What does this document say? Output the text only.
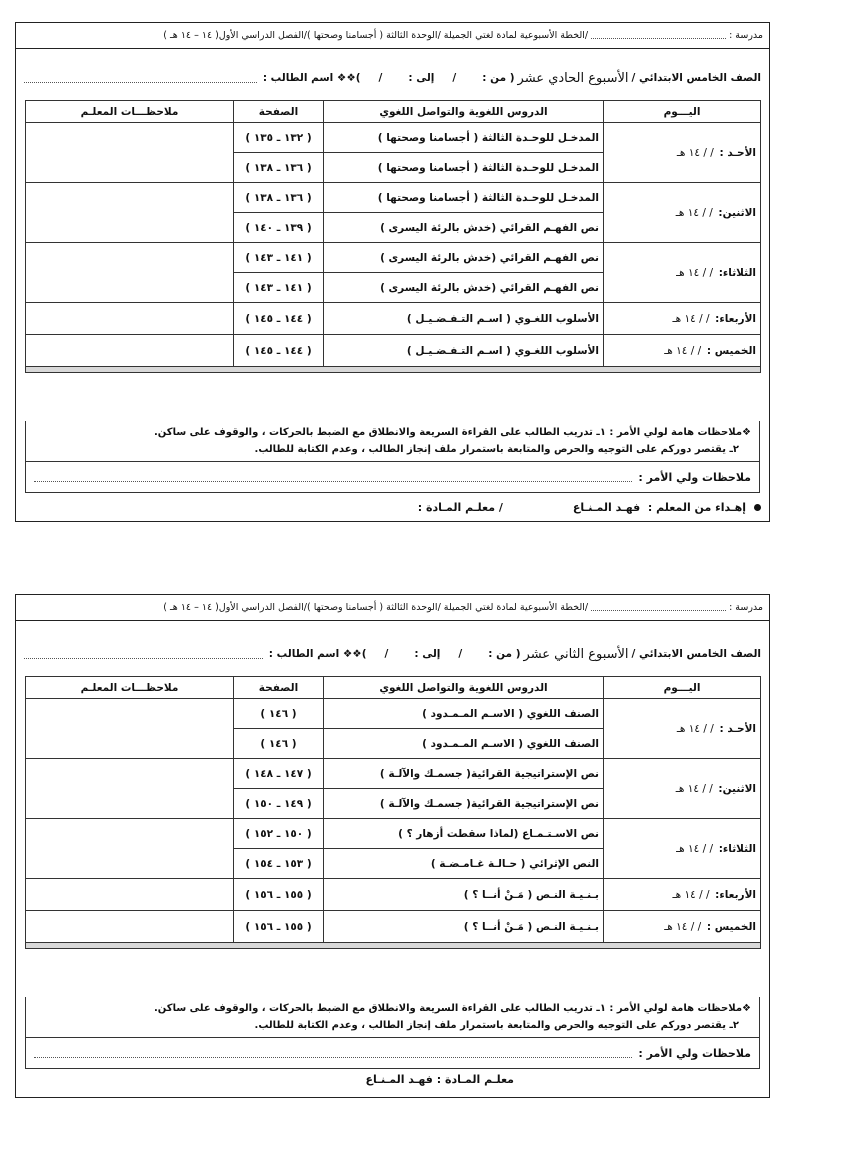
مدرسة :
/الخطة الأسبوعية لمادة لغتي الجميلة /الوحدة الثالثة ( أجسامنا وصحتها )/الفصل الدراسي الأول( ١٤ – ١٤ هـ )
الصف الخامس الابتدائي /
الأسبوع الحادي عشر
( من :
/
إلى :
/
)
❖❖ اسم الطالب :
اليـــوم	الدروس اللغوية والتواصل اللغوي	الصفحة	ملاحظـــات المعلـم
الأحـد : / / ١٤ هـ	المدخـل للوحـدة الثالثة ( أجسامنا وصحتها )	( ١٣٢ ـ ١٣٥ )	
	المدخـل للوحـدة الثالثة ( أجسامنا وصحتها )	( ١٣٦ ـ ١٣٨ )	
الاثنين: / / ١٤ هـ	المدخـل للوحـدة الثالثة ( أجسامنا وصحتها )	( ١٣٦ ـ ١٣٨ )	
	نص الفهـم القرائي (خدش بالرئة اليسرى )	( ١٣٩ ـ ١٤٠ )	
الثلاثاء: / / ١٤ هـ	نص الفهـم القرائي (خدش بالرئة اليسرى )	( ١٤١ ـ ١٤٣ )	
	نص الفهـم القرائي (خدش بالرئة اليسرى )	( ١٤١ ـ ١٤٣ )	
الأربعاء: / / ١٤ هـ	الأسلوب اللغـوي ( اسـم التـفـضـيـل )	( ١٤٤ ـ ١٤٥ )	
الخميس : / / ١٤ هـ	الأسلوب اللغـوي ( اسـم التـفـضـيـل )	( ١٤٤ ـ ١٤٥ )	

❖ملاحظات هامة لولي الأمر : ١ـ تدريب الطالب على القراءة السريعة والانطلاق مع الضبط بالحركات ، والوقوف على ساكن.
٢ـ يقتصر دوركم على التوجيه والحرص والمتابعة باستمرار ملف إنجاز الطالب ، وعدم الكتابة للطالب.
ملاحظات ولي الأمر :
إهـداء من المعلم :

فهـد المـنـاع
/ معلـم المـادة :
مدرسة :
/الخطة الأسبوعية لمادة لغتي الجميلة /الوحدة الثالثة ( أجسامنا وصحتها )/الفصل الدراسي الأول( ١٤ – ١٤ هـ )
الصف الخامس الابتدائي /
الأسبوع الثاني عشر
( من :
/
إلى :
/
)
❖❖ اسم الطالب :
اليـــوم	الدروس اللغوية والتواصل اللغوي	الصفحة	ملاحظـــات المعلـم
الأحـد : / / ١٤ هـ	الصنف اللغوي ( الاسـم المـمـدود )	( ١٤٦ )	
	الصنف اللغوي ( الاسـم المـمـدود )	( ١٤٦ )	
الاثنين: / / ١٤ هـ	نص الإستراتيجية القرائية( جسمـك والآلـة )	( ١٤٧ ـ ١٤٨ )	
	نص الإستراتيجية القرائية( جسمـك والآلـة )	( ١٤٩ ـ ١٥٠ )	
الثلاثاء: / / ١٤ هـ	نص الاسـتـمـاع (لماذا سقطت أزهار ؟ )	( ١٥٠ ـ ١٥٢ )	
	النص الإثرائي ( حـالـة غـامـضـة )	( ١٥٣ ـ ١٥٤ )	
الأربعاء: / / ١٤ هـ	بـنـيـة النـص ( مَـنْ أنــا ؟ )	( ١٥٥ ـ ١٥٦ )	
الخميس : / / ١٤ هـ	بـنـيـة النـص ( مَـنْ أنــا ؟ )	( ١٥٥ ـ ١٥٦ )	

❖ملاحظات هامة لولي الأمر : ١ـ تدريب الطالب على القراءة السريعة والانطلاق مع الضبط بالحركات ، والوقوف على ساكن.
٢ـ يقتصر دوركم على التوجيه والحرص والمتابعة باستمرار ملف إنجاز الطالب ، وعدم الكتابة للطالب.
ملاحظات ولي الأمر :
معلـم المـادة :

فهـد المـنـاع
